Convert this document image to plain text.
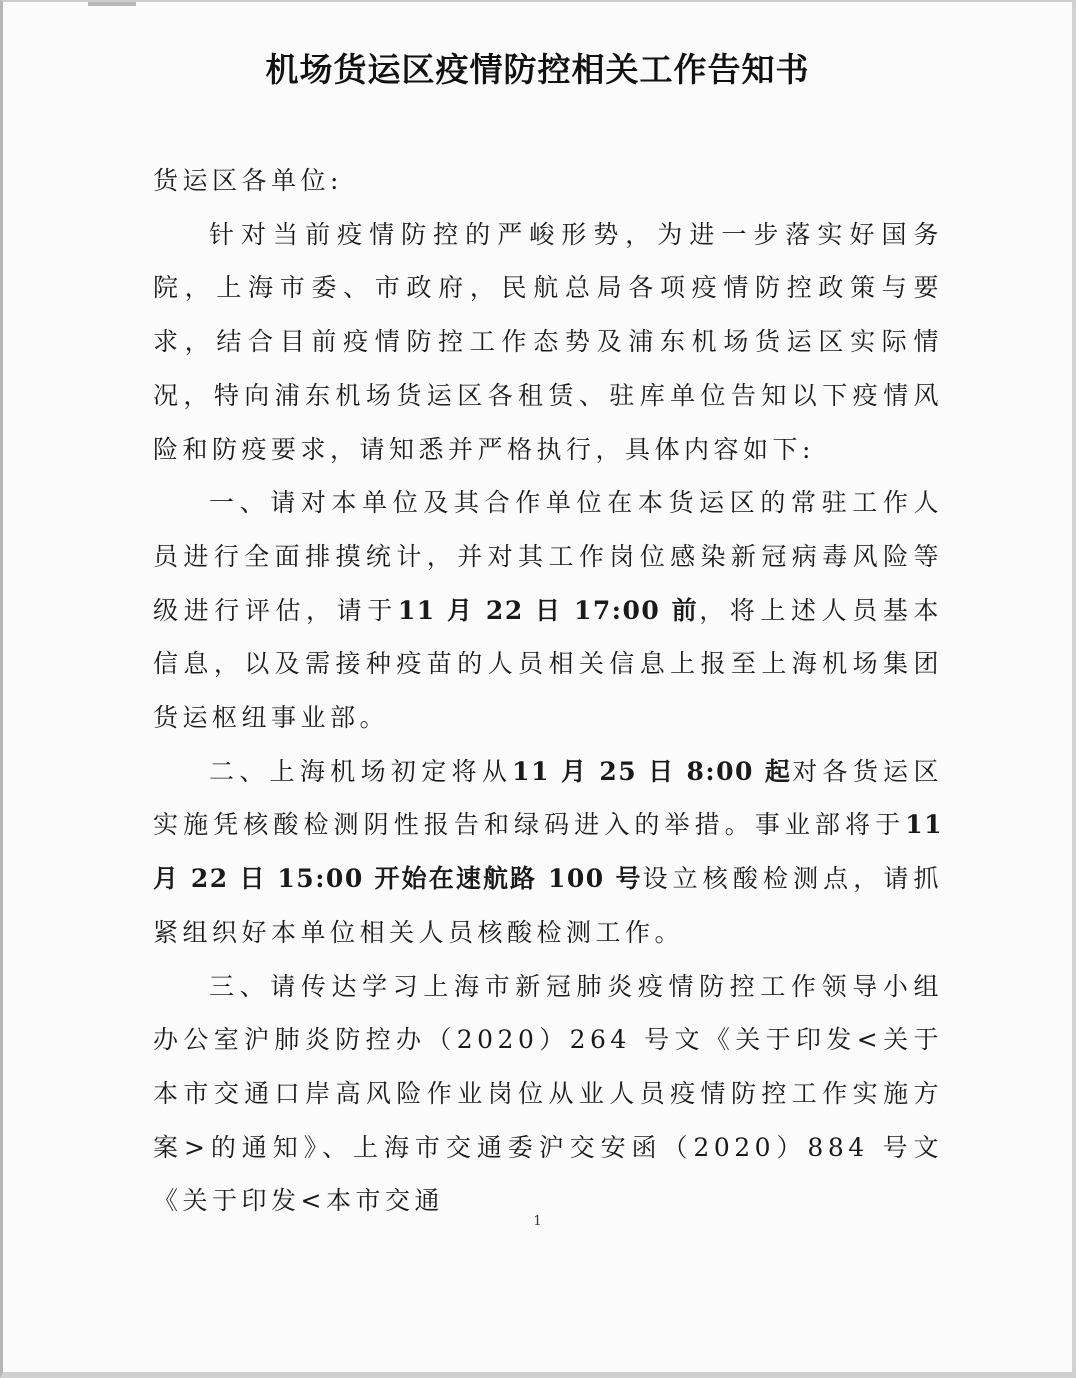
机场货运区疫情防控相关工作告知书

货运区各单位:

针对当前疫情防控的严峻形势，为进一步落实好国务院，上海市委、市政府，民航总局各项疫情防控政策与要求，结合目前疫情防控工作态势及浦东机场货运区实际情况，特向浦东机场货运区各租赁、驻库单位告知以下疫情风险和防疫要求，请知悉并严格执行，具体内容如下:

一、请对本单位及其合作单位在本货运区的常驻工作人员进行全面排摸统计，并对其工作岗位感染新冠病毒风险等级进行评估，请于11 月 22 日 17:00 前，将上述人员基本信息，以及需接种疫苗的人员相关信息上报至上海机场集团货运枢纽事业部。

二、上海机场初定将从11 月 25 日 8:00 起对各货运区实施凭核酸检测阴性报告和绿码进入的举措。事业部将于11 月 22 日 15:00 开始在速航路 100 号设立核酸检测点，请抓紧组织好本单位相关人员核酸检测工作。

三、请传达学习上海市新冠肺炎疫情防控工作领导小组办公室沪肺炎防控办（2020）264 号文《关于印发<关于本市交通口岸高风险作业岗位从业人员疫情防控工作实施方案>的通知》、上海市交通委沪交安函（2020）884 号文《关于印发<本市交通

1
